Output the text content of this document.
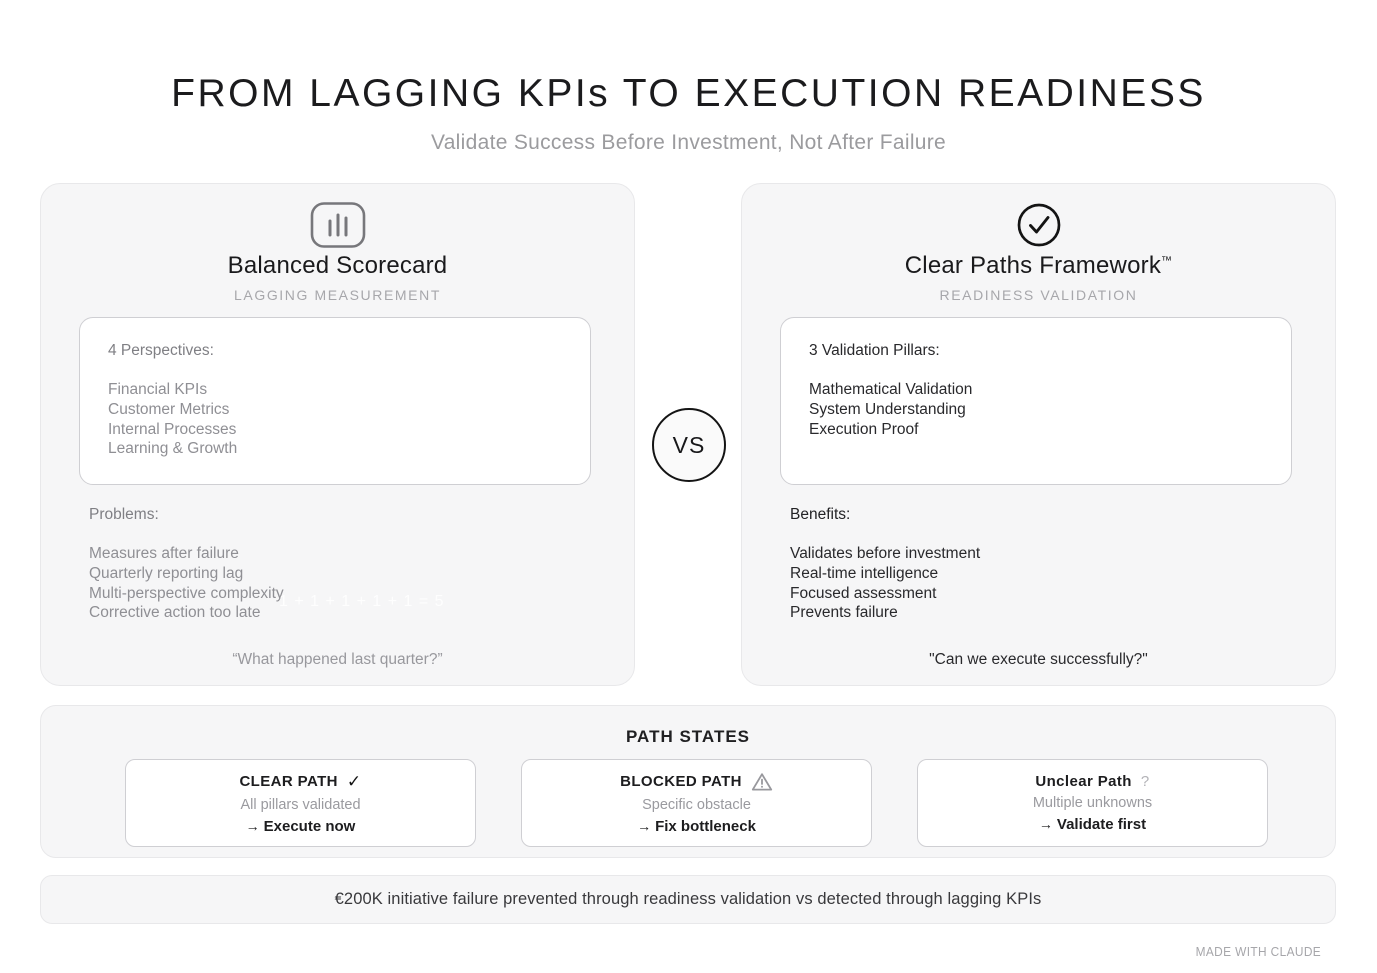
FROM LAGGING KPIs TO EXECUTION READINESS
Validate Success Before Investment, Not After Failure
Balanced Scorecard
LAGGING MEASUREMENT
4 Perspectives:
Financial KPIs
Customer Metrics
Internal Processes
Learning & Growth
Problems:
Measures after failure
Quarterly reporting lag
Multi-perspective complexity
Corrective action too late
1 + 1 + 1 + 1 + 1 = 5
“What happened last quarter?”
VS
Clear Paths Framework™
READINESS VALIDATION
3 Validation Pillars:
Mathematical Validation
System Understanding
Execution Proof
Benefits:
Validates before investment
Real-time intelligence
Focused assessment
Prevents failure
"Can we execute successfully?"
PATH STATES
CLEAR PATH ✓
All pillars validated
→ Execute now
BLOCKED PATH
Specific obstacle
→ Fix bottleneck
Unclear Path ?
Multiple unknowns
→ Validate first
€200K initiative failure prevented through readiness validation vs detected through lagging KPIs
MADE WITH CLAUDE
